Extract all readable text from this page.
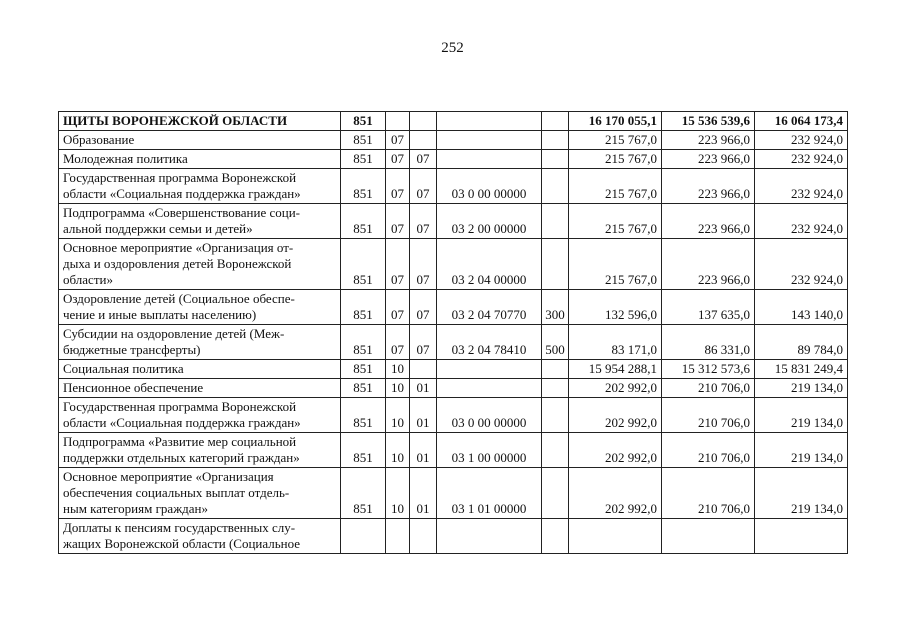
252
ЩИТЫ ВОРОНЕЖСКОЙ ОБЛАСТИ	851					16 170 055,1	15 536 539,6	16 064 173,4

Образование	851	07				215 767,0	223 966,0	232 924,0

Молодежная политика	851	07	07			215 767,0	223 966,0	232 924,0

Государственная программа Воронежской
области «Социальная поддержка граждан»	851	07	07	03 0 00 00000		215 767,0	223 966,0	232 924,0

Подпрограмма «Совершенствование соци-
альной поддержки семьи и детей»	851	07	07	03 2 00 00000		215 767,0	223 966,0	232 924,0

Основное мероприятие «Организация от-
дыха и оздоровления детей Воронежской
области»	851	07	07	03 2 04 00000		215 767,0	223 966,0	232 924,0

Оздоровление детей (Социальное обеспе-
чение и иные выплаты населению)	851	07	07	03 2 04 70770	300	132 596,0	137 635,0	143 140,0

Субсидии на оздоровление детей (Меж-
бюджетные трансферты)	851	07	07	03 2 04 78410	500	83 171,0	86 331,0	89 784,0

Социальная политика	851	10				15 954 288,1	15 312 573,6	15 831 249,4

Пенсионное обеспечение	851	10	01			202 992,0	210 706,0	219 134,0

Государственная программа Воронежской
области «Социальная поддержка граждан»	851	10	01	03 0 00 00000		202 992,0	210 706,0	219 134,0

Подпрограмма «Развитие мер социальной
поддержки отдельных категорий граждан»	851	10	01	03 1 00 00000		202 992,0	210 706,0	219 134,0

Основное мероприятие «Организация
обеспечения социальных выплат отдель-
ным категориям граждан»	851	10	01	03 1 01 00000		202 992,0	210 706,0	219 134,0

Доплаты к пенсиям государственных слу-
жащих Воронежской области (Социальное								
